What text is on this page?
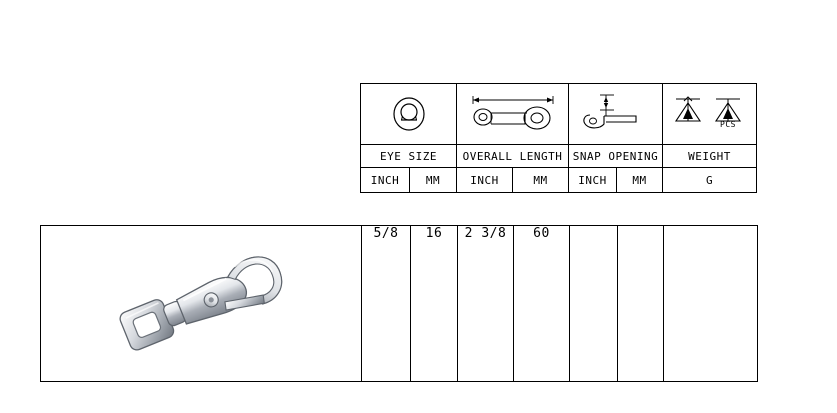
PCS

EYE SIZE		OVERALL LENGTH		SNAP OPENING		WEIGHT
INCH	MM	INCH	MM	INCH	MM	G
	5/8	16	2 3/8	60			
